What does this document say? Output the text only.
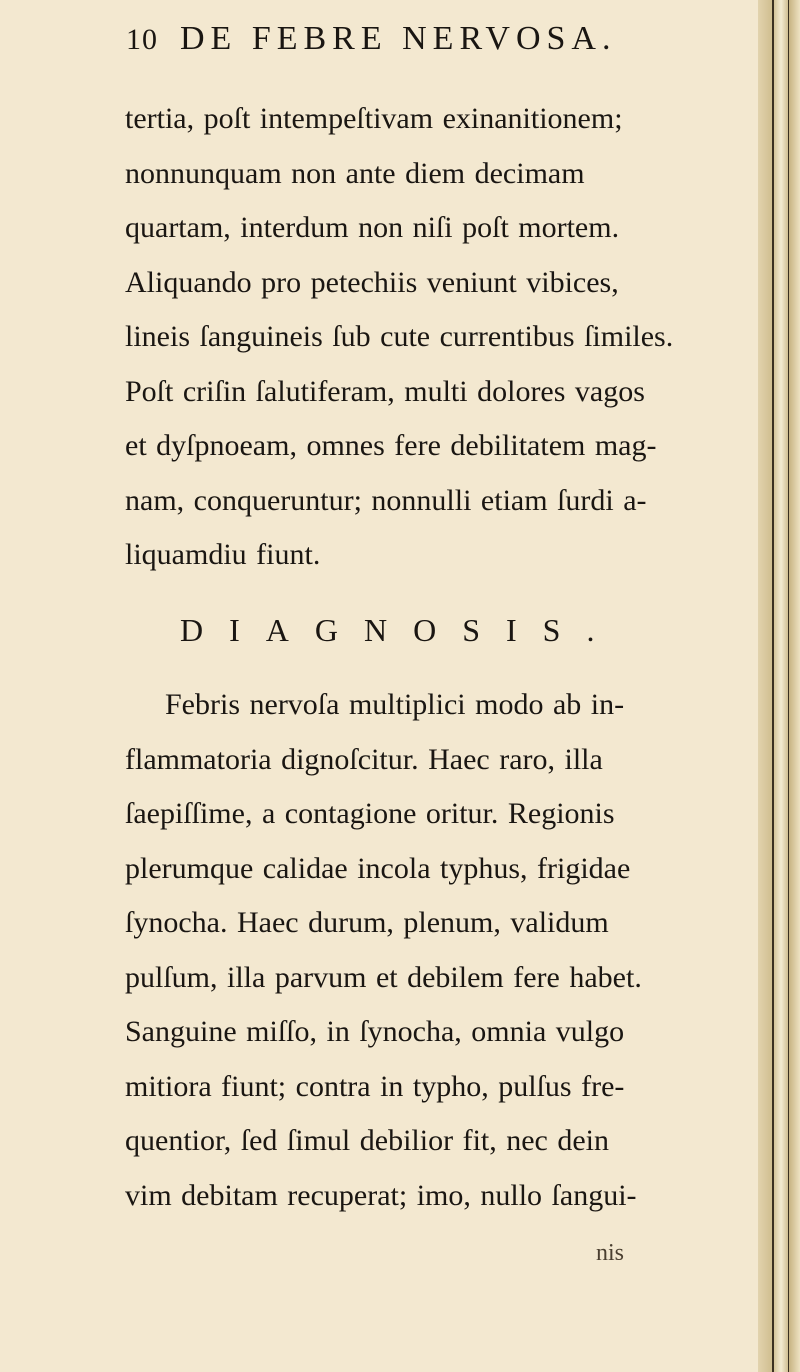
10 DE FEBRE NERVOSA.
tertia, poſt intempeſtivam exinanitionem;
nonnunquam non ante diem decimam
quartam, interdum non niſi poſt mortem.
Aliquando pro petechiis veniunt vibices,
lineis ſanguineis ſub cute currentibus ſimiles.
Poſt criſin ſalutiferam, multi dolores vagos
et dyſpnoeam, omnes fere debilitatem mag-
nam, conqueruntur; nonnulli etiam ſurdi a-
liquamdiu fiunt.
DIAGNOSIS.
Febris nervoſa multiplici modo ab in-
flammatoria dignoſcitur. Haec raro, illa
ſaepiſſime, a contagione oritur. Regionis
plerumque calidae incola typhus, frigidae
ſynocha. Haec durum, plenum, validum
pulſum, illa parvum et debilem fere habet.
Sanguine miſſo, in ſynocha, omnia vulgo
mitiora fiunt; contra in typho, pulſus fre-
quentior, ſed ſimul debilior fit, nec dein
vim debitam recuperat; imo, nullo ſangui-
nis
